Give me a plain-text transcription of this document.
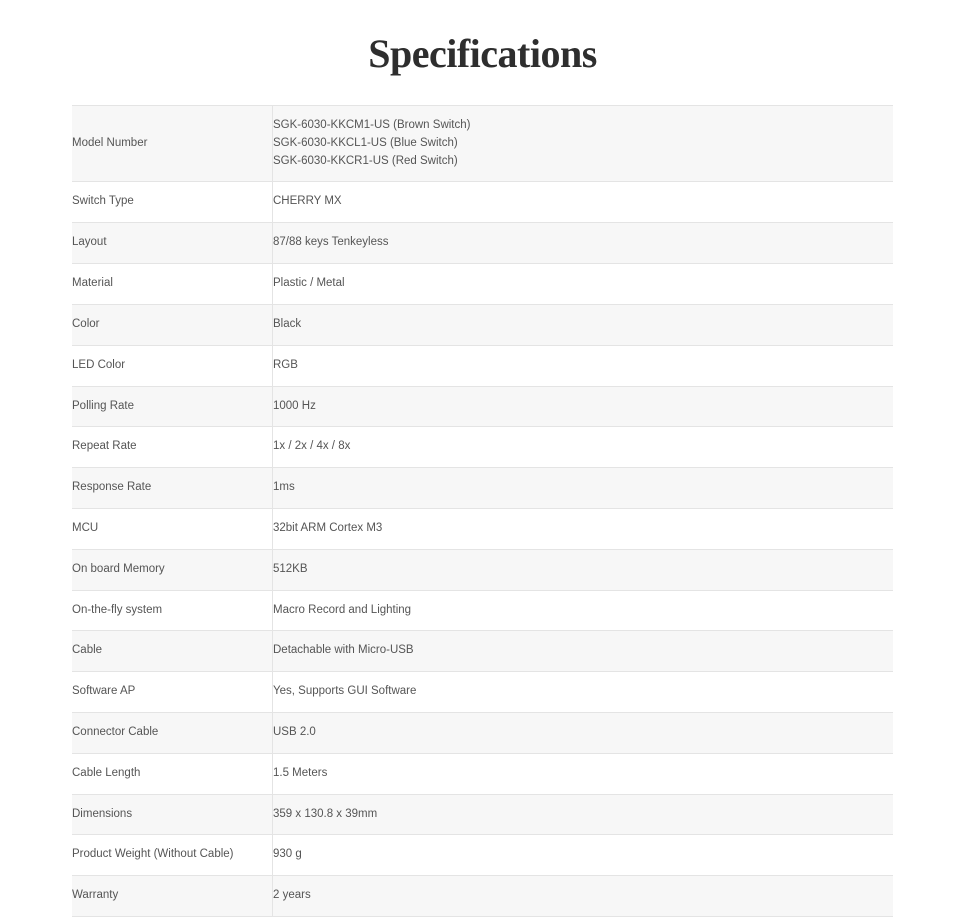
Specifications
Model Number	SGK-6030-KKCM1-US (Brown Switch)
SGK-6030-KKCL1-US (Blue Switch)
SGK-6030-KKCR1-US (Red Switch)

Switch Type	CHERRY MX

Layout	87/88 keys Tenkeyless

Material	Plastic / Metal

Color	Black

LED Color	RGB

Polling Rate	1000 Hz

Repeat Rate	1x / 2x / 4x / 8x

Response Rate	1ms

MCU	32bit ARM Cortex M3

On board Memory	512KB

On-the-fly system	Macro Record and Lighting

Cable	Detachable with Micro-USB

Software AP	Yes, Supports GUI Software

Connector Cable	USB 2.0

Cable Length	1.5 Meters

Dimensions	359 x 130.8 x 39mm

Product Weight (Without Cable)	930 g

Warranty	2 years
